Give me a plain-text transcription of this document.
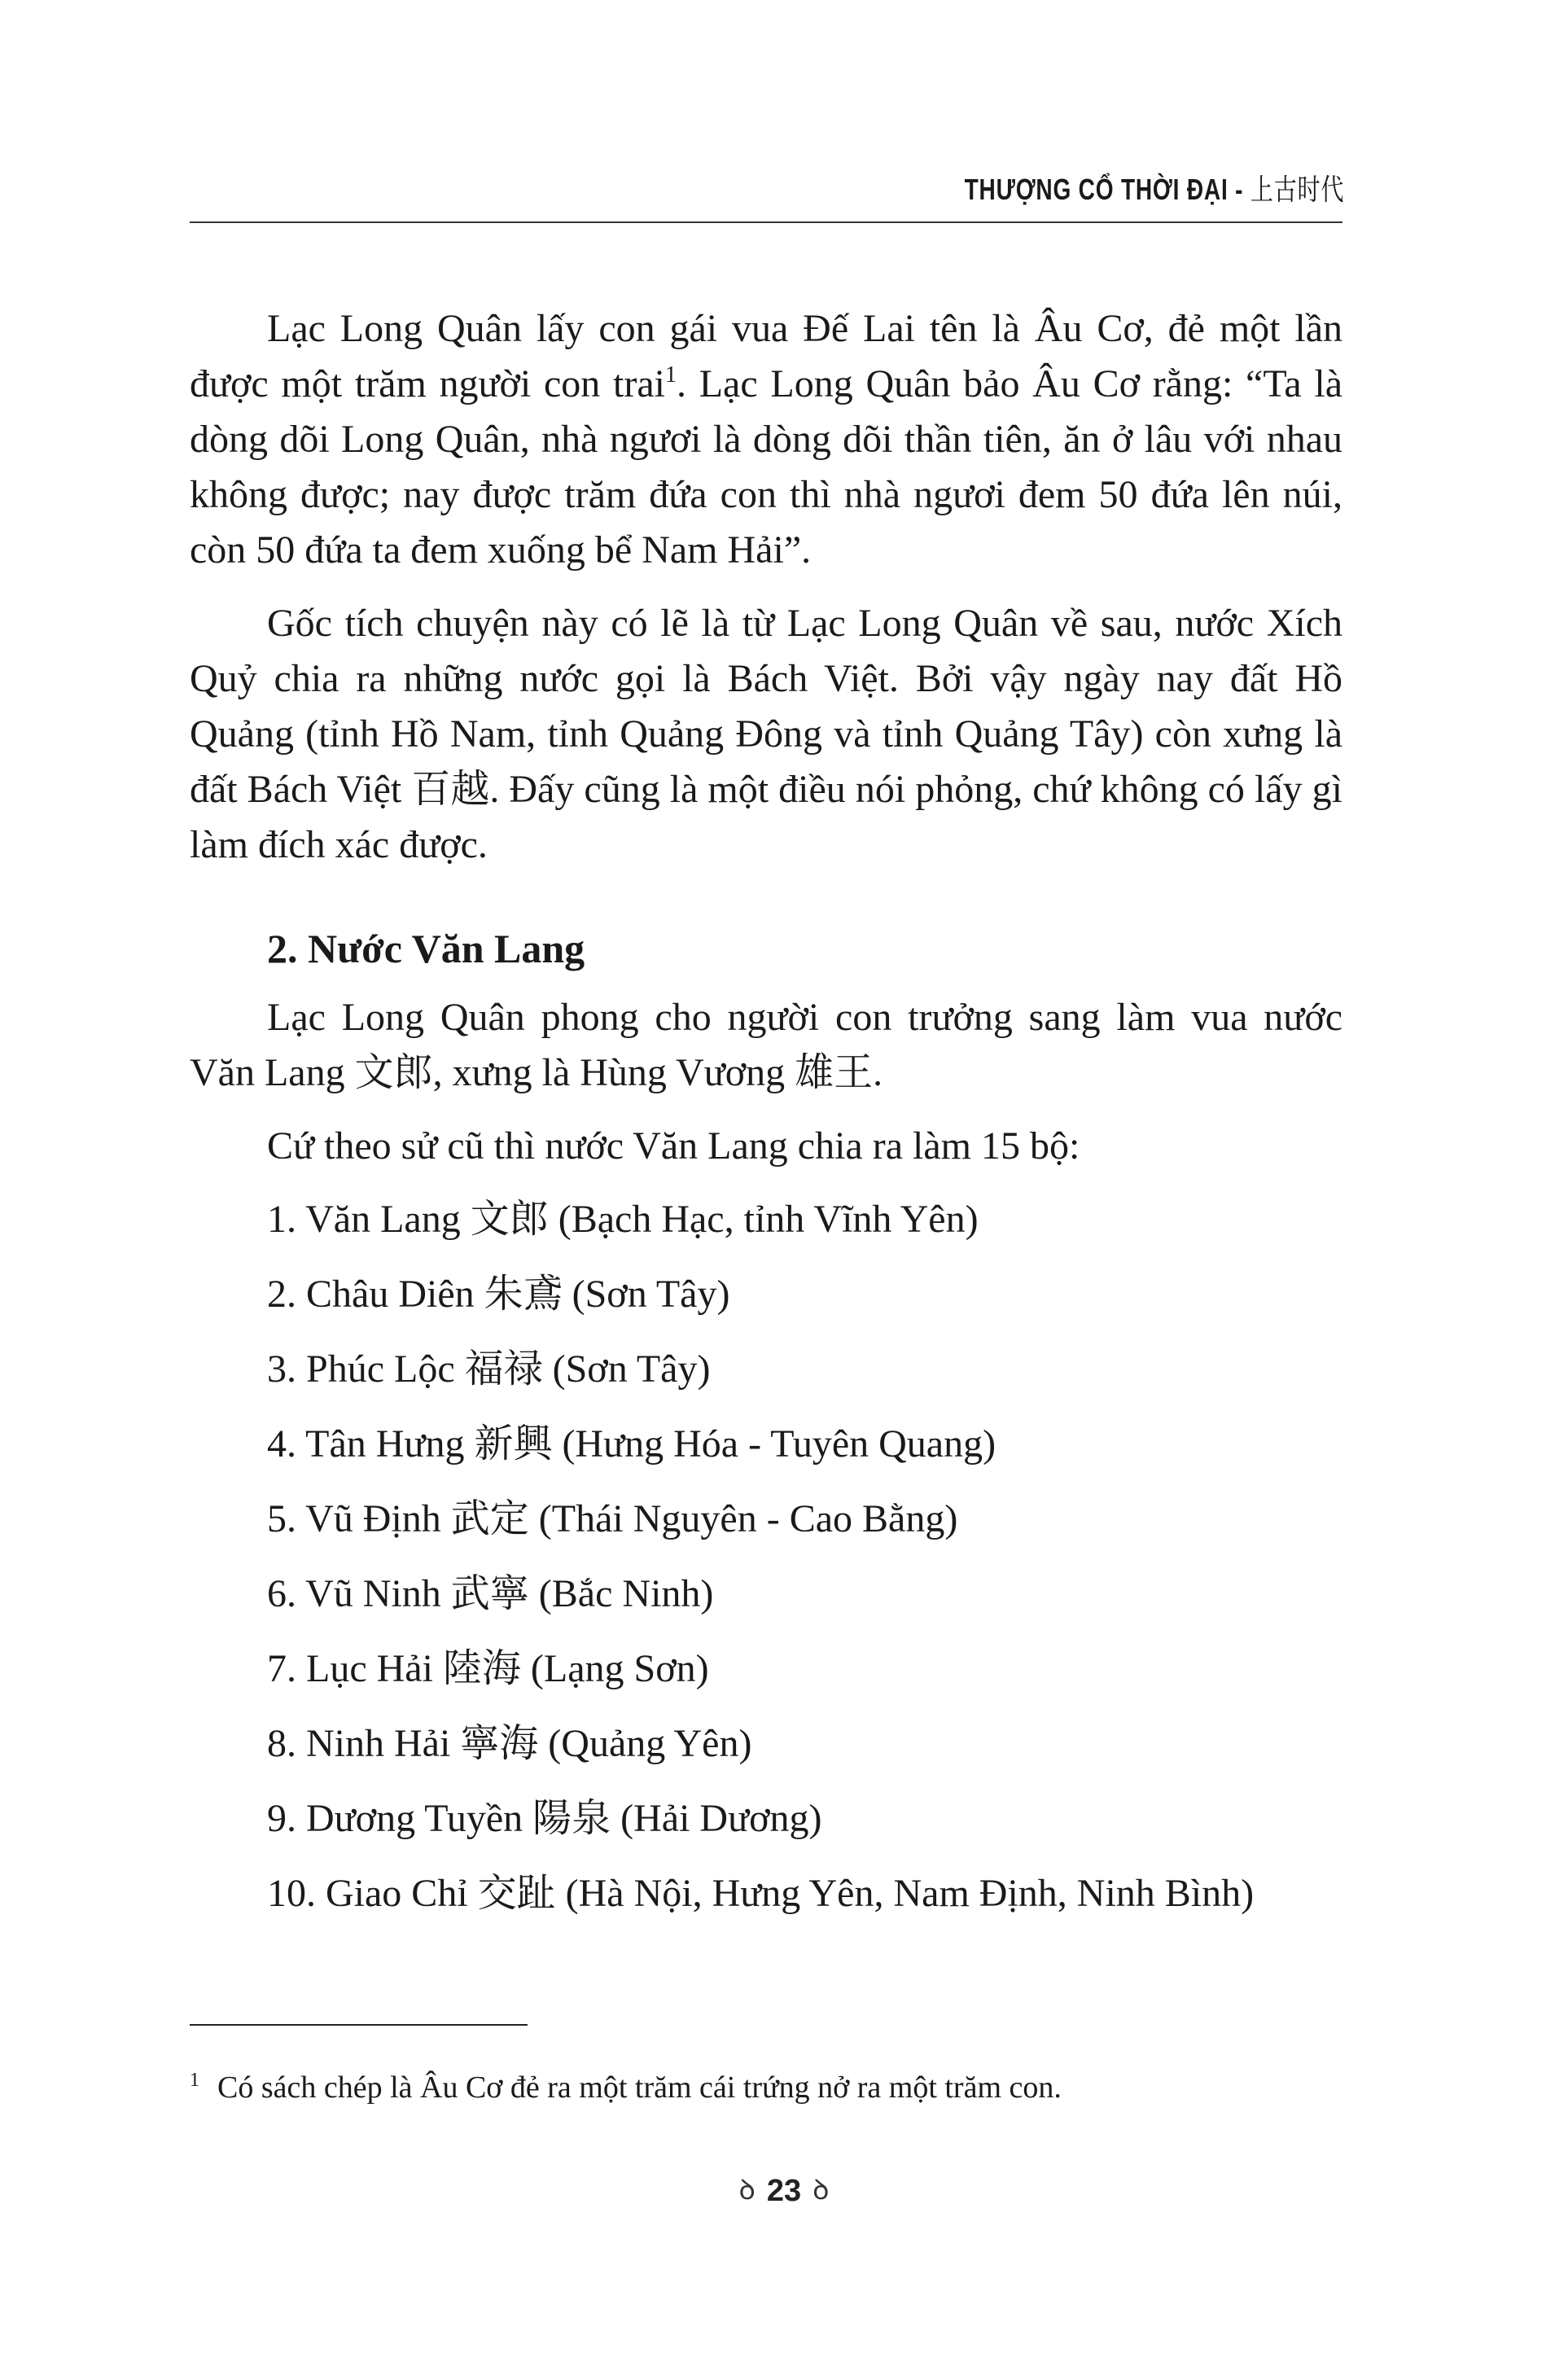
THƯỢNG CỔ THỜI ĐẠI - 上古时代

Lạc Long Quân lấy con gái vua Đế Lai tên là Âu Cơ, đẻ một lần được một trăm người con trai$^1$. Lạc Long Quân bảo Âu Cơ rằng: “Ta là dòng dõi Long Quân, nhà ngươi là dòng dõi thần tiên, ăn ở lâu với nhau không được; nay được trăm đứa con thì nhà ngươi đem 50 đứa lên núi, còn 50 đứa ta đem xuống bể Nam Hải”.

Gốc tích chuyện này có lẽ là từ Lạc Long Quân về sau, nước Xích Quỷ chia ra những nước gọi là Bách Việt. Bởi vậy ngày nay đất Hồ Quảng (tỉnh Hồ Nam, tỉnh Quảng Đông và tỉnh Quảng Tây) còn xưng là đất Bách Việt 百越. Đấy cũng là một điều nói phỏng, chứ không có lấy gì làm đích xác được.

2. Nước Văn Lang

Lạc Long Quân phong cho người con trưởng sang làm vua nước Văn Lang 文郎, xưng là Hùng Vương 雄王.

Cứ theo sử cũ thì nước Văn Lang chia ra làm 15 bộ:

1. Văn Lang 文郎 (Bạch Hạc, tỉnh Vĩnh Yên)
2. Châu Diên 朱鳶 (Sơn Tây)
3. Phúc Lộc 福禄 (Sơn Tây)
4. Tân Hưng 新興 (Hưng Hóa - Tuyên Quang)
5. Vũ Định 武定 (Thái Nguyên - Cao Bằng)
6. Vũ Ninh 武寧 (Bắc Ninh)
7. Lục Hải 陸海 (Lạng Sơn)
8. Ninh Hải 寧海 (Quảng Yên)
9. Dương Tuyền 陽泉 (Hải Dương)
10. Giao Chỉ 交趾 (Hà Nội, Hưng Yên, Nam Định, Ninh Bình)
$^1$ Có sách chép là Âu Cơ đẻ ra một trăm cái trứng nở ra một trăm con.
ꝺ 23 ꝺ
